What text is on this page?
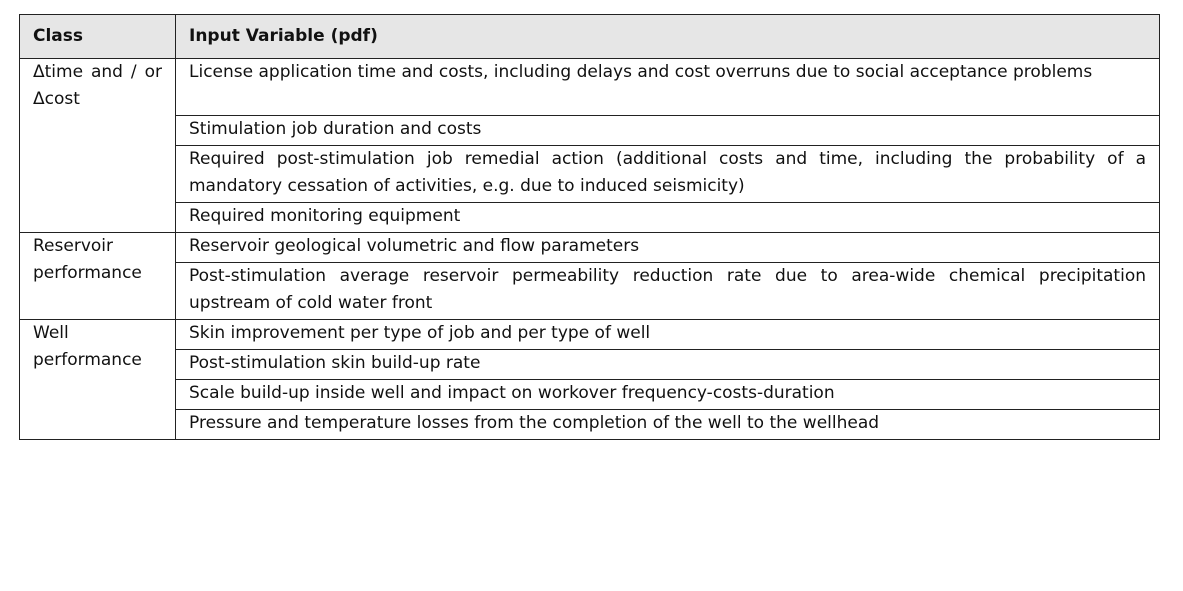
Class	Input Variable (pdf)
Δtime and / or Δcost	License application time and costs, including delays and cost overruns due to social acceptance problems
	Stimulation job duration and costs
	Required post-stimulation job remedial action (additional costs and time, including the probability of a mandatory cessation of activities, e.g. due to induced seismicity)
	Required monitoring equipment
Reservoir performance	Reservoir geological volumetric and flow parameters
	Post-stimulation average reservoir permeability reduction rate due to area-wide chemical precipitation upstream of cold water front
Well performance	Skin improvement per type of job and per type of well
	Post-stimulation skin build-up rate
	Scale build-up inside well and impact on workover frequency-costs-duration
	Pressure and temperature losses from the completion of the well to the wellhead
